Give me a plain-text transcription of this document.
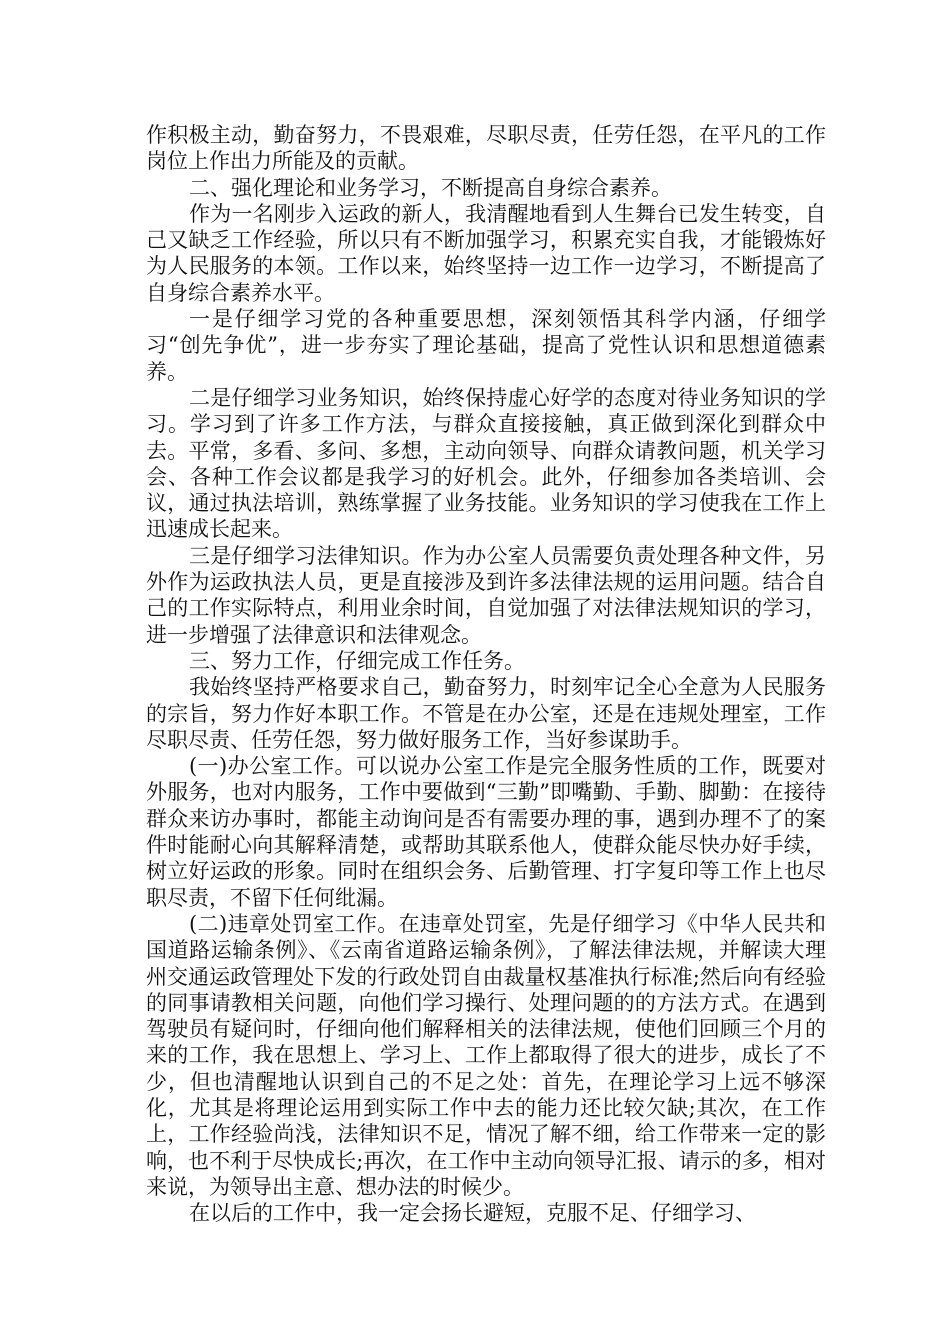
作积极主动，勤奋努力，不畏艰难，尽职尽责，任劳任怨，在平凡的工作岗位上作出力所能及的贡献。

二、强化理论和业务学习，不断提高自身综合素养。

作为一名刚步入运政的新人，我清醒地看到人生舞台已发生转变，自己又缺乏工作经验，所以只有不断加强学习，积累充实自我，才能锻炼好为人民服务的本领。工作以来，始终坚持一边工作一边学习，不断提高了自身综合素养水平。

一是仔细学习党的各种重要思想，深刻领悟其科学内涵，仔细学习“创先争优”，进一步夯实了理论基础，提高了党性认识和思想道德素养。

二是仔细学习业务知识，始终保持虚心好学的态度对待业务知识的学习。学习到了许多工作方法，与群众直接接触，真正做到深化到群众中去。平常，多看、多问、多想，主动向领导、向群众请教问题，机关学习会、各种工作会议都是我学习的好机会。此外，仔细参加各类培训、会议，通过执法培训，熟练掌握了业务技能。业务知识的学习使我在工作上迅速成长起来。

三是仔细学习法律知识。作为办公室人员需要负责处理各种文件，另外作为运政执法人员，更是直接涉及到许多法律法规的运用问题。结合自己的工作实际特点，利用业余时间，自觉加强了对法律法规知识的学习，进一步增强了法律意识和法律观念。

三、努力工作，仔细完成工作任务。

我始终坚持严格要求自己，勤奋努力，时刻牢记全心全意为人民服务的宗旨，努力作好本职工作。不管是在办公室，还是在违规处理室，工作尽职尽责、任劳任怨，努力做好服务工作，当好参谋助手。

(一)办公室工作。可以说办公室工作是完全服务性质的工作，既要对外服务，也对内服务，工作中要做到“三勤”即嘴勤、手勤、脚勤：在接待群众来访办事时，都能主动询问是否有需要办理的事，遇到办理不了的案件时能耐心向其解释清楚，或帮助其联系他人，使群众能尽快办好手续，树立好运政的形象。同时在组织会务、后勤管理、打字复印等工作上也尽职尽责，不留下任何纰漏。

(二)违章处罚室工作。在违章处罚室，先是仔细学习《中华人民共和国道路运输条例》、《云南省道路运输条例》，了解法律法规，并解读大理州交通运政管理处下发的行政处罚自由裁量权基准执行标准;然后向有经验的同事请教相关问题，向他们学习操行、处理问题的的方法方式。在遇到驾驶员有疑问时，仔细向他们解释相关的法律法规，使他们回顾三个月的来的工作，我在思想上、学习上、工作上都取得了很大的进步，成长了不少，但也清醒地认识到自己的不足之处：首先，在理论学习上远不够深化，尤其是将理论运用到实际工作中去的能力还比较欠缺;其次，在工作上，工作经验尚浅，法律知识不足，情况了解不细，给工作带来一定的影响，也不利于尽快成长;再次，在工作中主动向领导汇报、请示的多，相对来说，为领导出主意、想办法的时候少。

在以后的工作中，我一定会扬长避短，克服不足、仔细学习、
